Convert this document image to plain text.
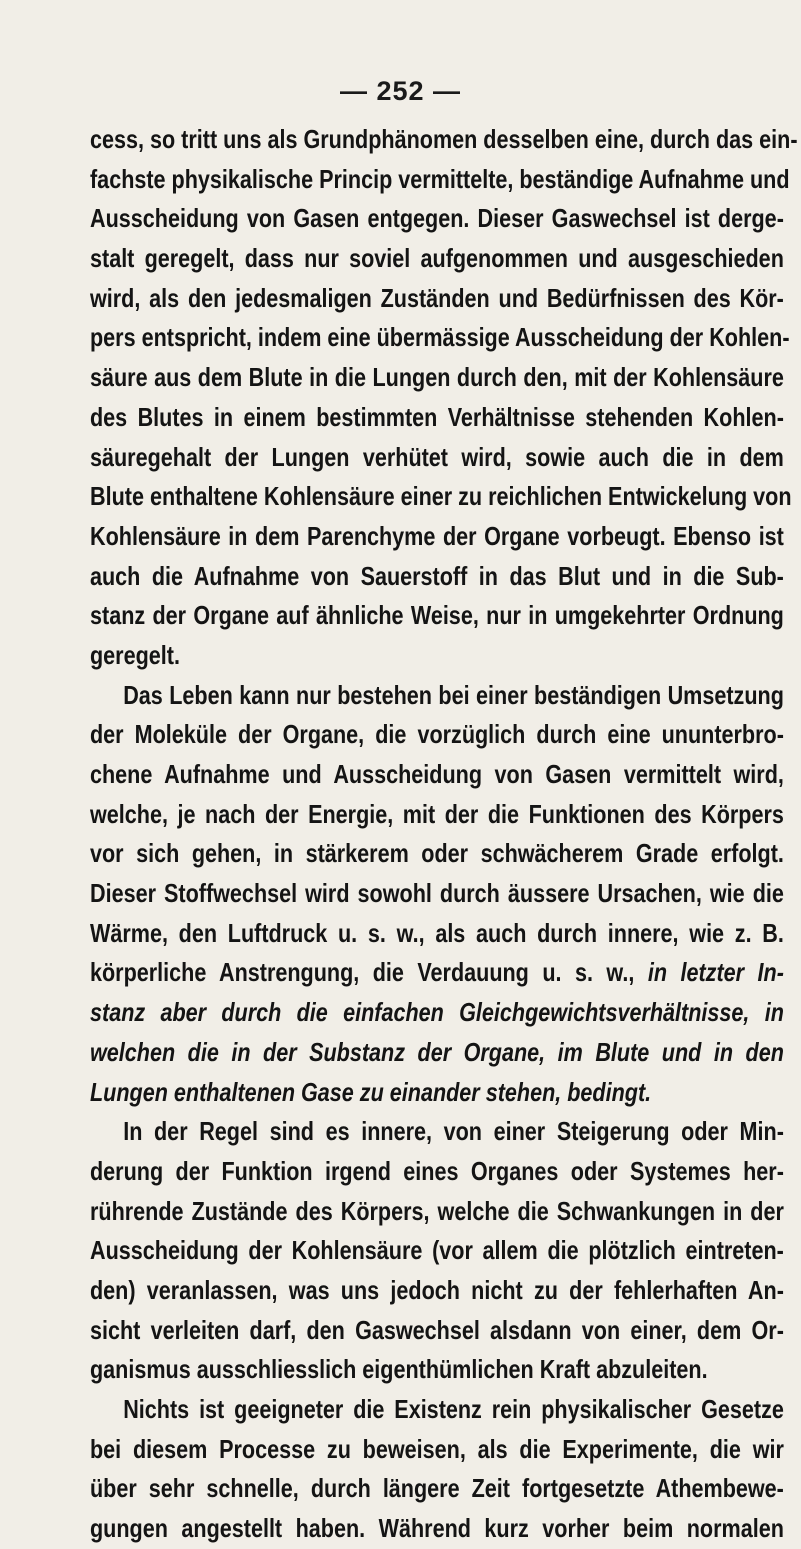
— 252 —
cess, so tritt uns als Grundphänomen desselben eine, durch das ein-
fachste physikalische Princip vermittelte, beständige Aufnahme und
Ausscheidung von Gasen entgegen. Dieser Gaswechsel ist derge-
stalt geregelt, dass nur soviel aufgenommen und ausgeschieden
wird, als den jedesmaligen Zuständen und Bedürfnissen des Kör-
pers entspricht, indem eine übermässige Ausscheidung der Kohlen-
säure aus dem Blute in die Lungen durch den, mit der Kohlensäure
des Blutes in einem bestimmten Verhältnisse stehenden Kohlen-
säuregehalt der Lungen verhütet wird, sowie auch die in dem
Blute enthaltene Kohlensäure einer zu reichlichen Entwickelung von
Kohlensäure in dem Parenchyme der Organe vorbeugt. Ebenso ist
auch die Aufnahme von Sauerstoff in das Blut und in die Sub-
stanz der Organe auf ähnliche Weise, nur in umgekehrter Ordnung
geregelt.
Das Leben kann nur bestehen bei einer beständigen Umsetzung
der Moleküle der Organe, die vorzüglich durch eine ununterbro-
chene Aufnahme und Ausscheidung von Gasen vermittelt wird,
welche, je nach der Energie, mit der die Funktionen des Körpers
vor sich gehen, in stärkerem oder schwächerem Grade erfolgt.
Dieser Stoffwechsel wird sowohl durch äussere Ursachen, wie die
Wärme, den Luftdruck u. s. w., als auch durch innere, wie z. B.
körperliche Anstrengung, die Verdauung u. s. w., in letzter In-
stanz aber durch die einfachen Gleichgewichtsverhältnisse, in
welchen die in der Substanz der Organe, im Blute und in den
Lungen enthaltenen Gase zu einander stehen, bedingt.
In der Regel sind es innere, von einer Steigerung oder Min-
derung der Funktion irgend eines Organes oder Systemes her-
rührende Zustände des Körpers, welche die Schwankungen in der
Ausscheidung der Kohlensäure (vor allem die plötzlich eintreten-
den) veranlassen, was uns jedoch nicht zu der fehlerhaften An-
sicht verleiten darf, den Gaswechsel alsdann von einer, dem Or-
ganismus ausschliesslich eigenthümlichen Kraft abzuleiten.
Nichts ist geeigneter die Existenz rein physikalischer Gesetze
bei diesem Processe zu beweisen, als die Experimente, die wir
über sehr schnelle, durch längere Zeit fortgesetzte Athembewe-
gungen angestellt haben. Während kurz vorher beim normalen
